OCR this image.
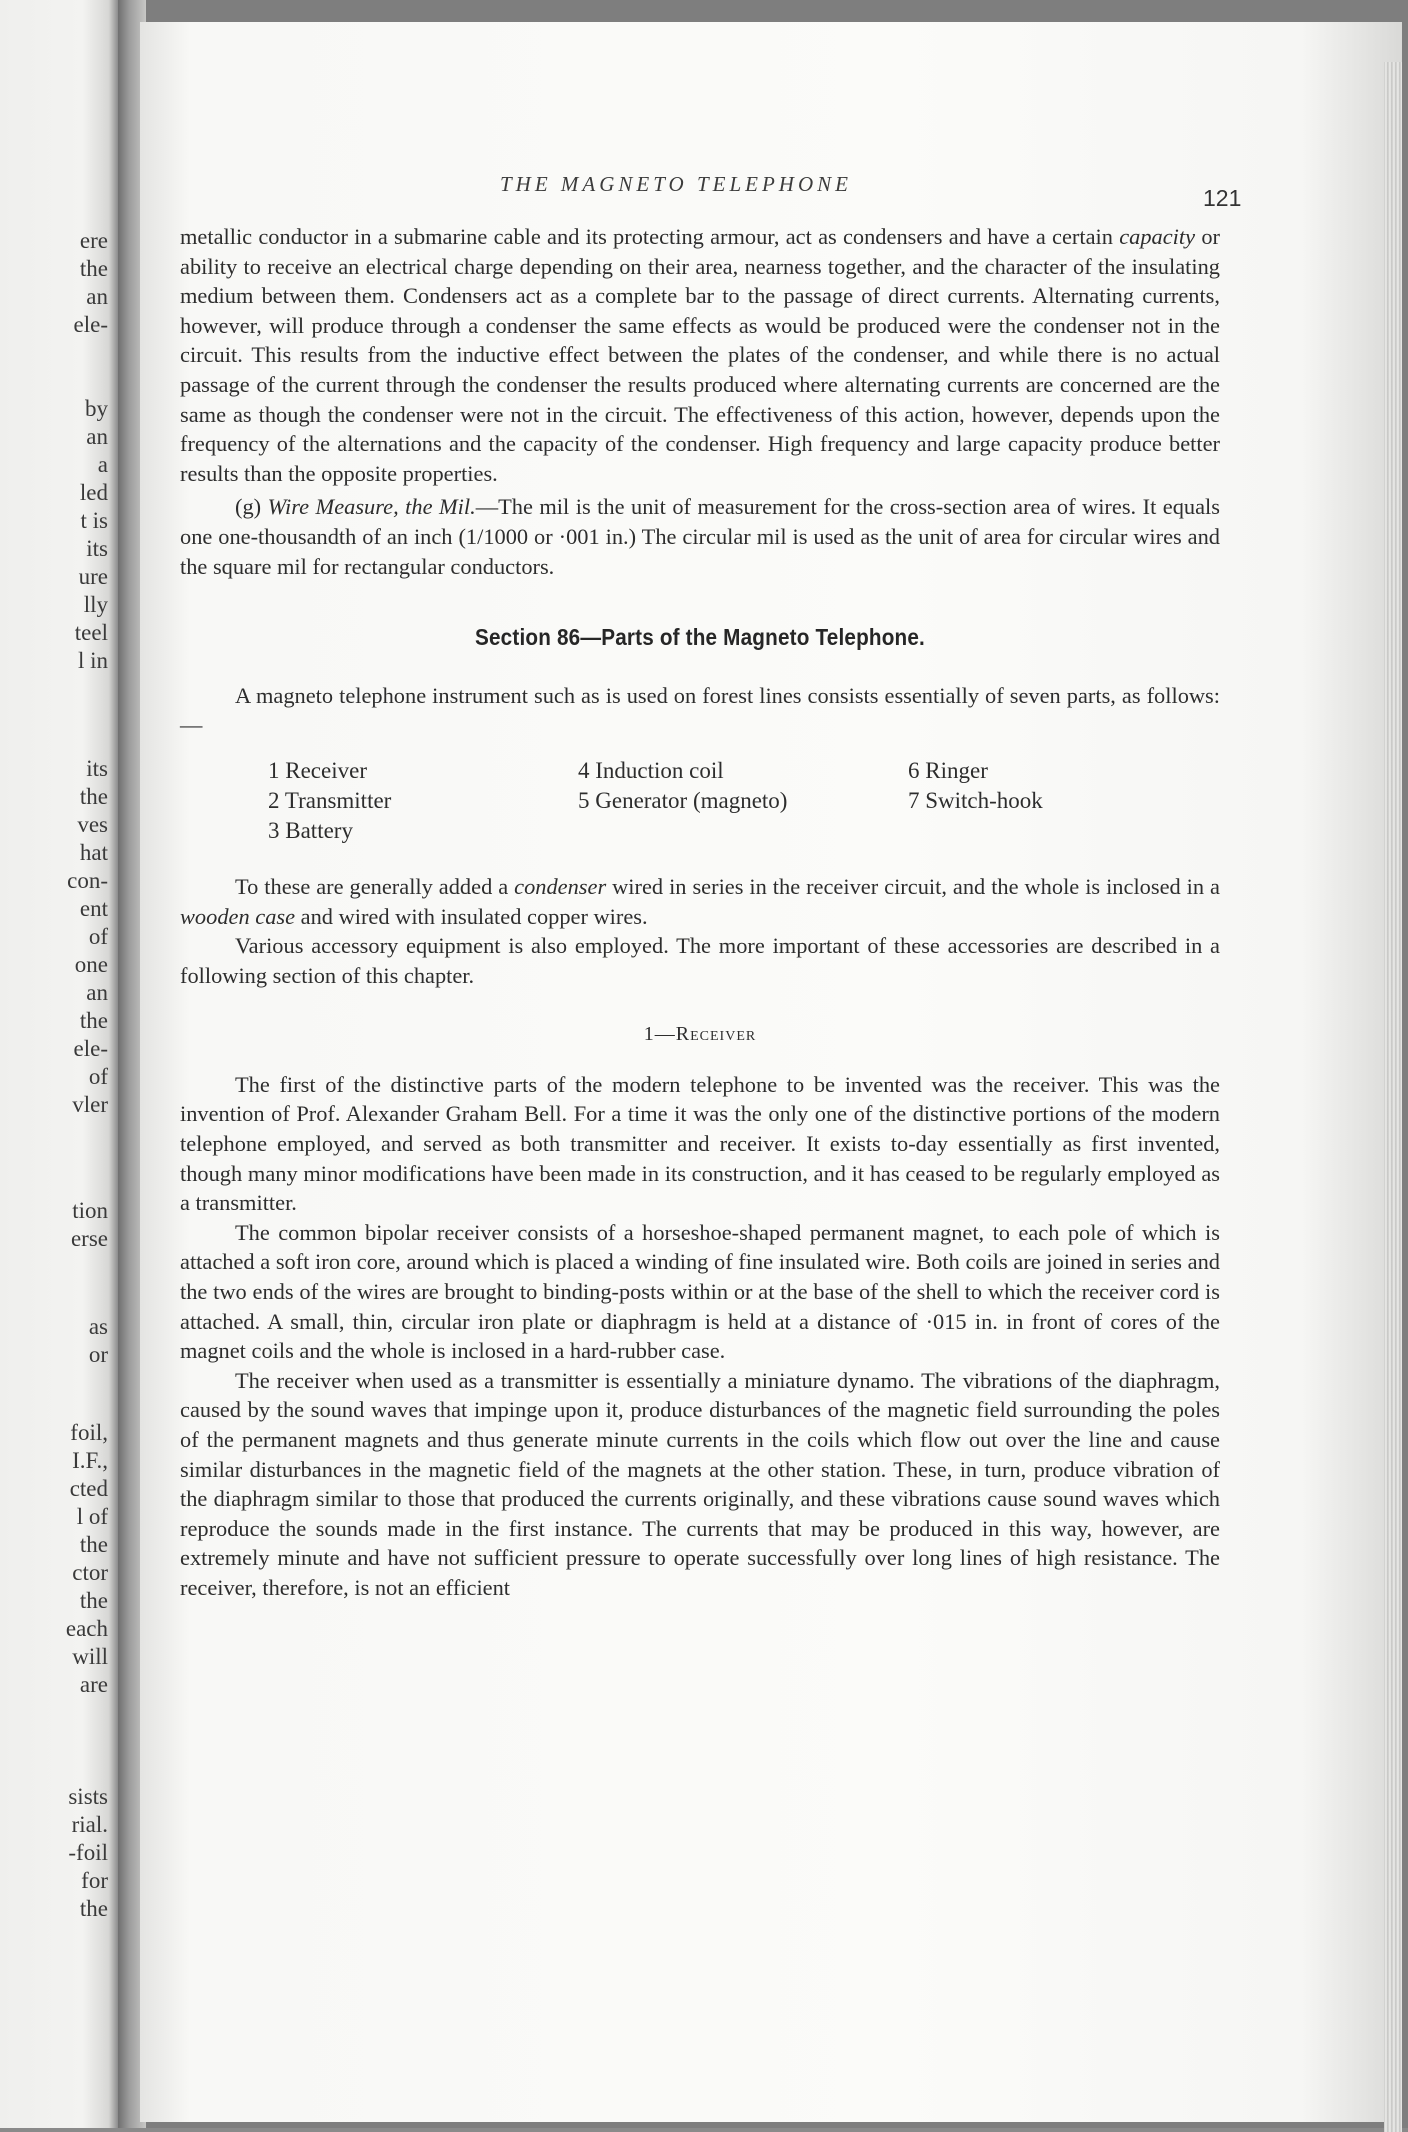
ere
the
an
ele-
by
an
a
led
t is
its
ure
lly
teel
l in
its
the
ves
hat
con-
ent
of
one
an
the
ele-
of
vler
tion
erse
as
or
foil,
I.F.,
cted
l of
the
ctor
the
each
will
are
sists
rial.
-foil
for
the
THE MAGNETO TELEPHONE
121

metallic conductor in a submarine cable and its protecting armour, act as condensers and have a certain capacity or ability to receive an electrical charge depending on their area, nearness together, and the character of the insulating medium between them. Condensers act as a complete bar to the passage of direct currents. Alternating currents, however, will produce through a condenser the same effects as would be produced were the condenser not in the circuit. This results from the inductive effect between the plates of the condenser, and while there is no actual passage of the current through the condenser the results produced where alternating currents are concerned are the same as though the condenser were not in the circuit. The effectiveness of this action, however, depends upon the frequency of the alternations and the capacity of the condenser. High frequency and large capacity produce better results than the opposite properties.

(g) Wire Measure, the Mil.—The mil is the unit of measurement for the cross-section area of wires. It equals one one-thousandth of an inch (1/1000 or ·001 in.) The circular mil is used as the unit of area for circular wires and the square mil for rectangular conductors.

Section 86—Parts of the Magneto Telephone.

A magneto telephone instrument such as is used on forest lines consists essentially of seven parts, as follows:—

1 Receiver	4 Induction coil	6 Ringer
2 Transmitter	5 Generator (magneto)	7 Switch-hook
3 Battery

To these are generally added a condenser wired in series in the receiver circuit, and the whole is inclosed in a wooden case and wired with insulated copper wires.

Various accessory equipment is also employed. The more important of these accessories are described in a following section of this chapter.

1—Receiver

The first of the distinctive parts of the modern telephone to be invented was the receiver. This was the invention of Prof. Alexander Graham Bell. For a time it was the only one of the distinctive portions of the modern telephone employed, and served as both transmitter and receiver. It exists to-day essentially as first invented, though many minor modifications have been made in its construction, and it has ceased to be regularly employed as a transmitter.

The common bipolar receiver consists of a horseshoe-shaped permanent magnet, to each pole of which is attached a soft iron core, around which is placed a winding of fine insulated wire. Both coils are joined in series and the two ends of the wires are brought to binding-posts within or at the base of the shell to which the receiver cord is attached. A small, thin, circular iron plate or diaphragm is held at a distance of ·015 in. in front of cores of the magnet coils and the whole is inclosed in a hard-rubber case.

The receiver when used as a transmitter is essentially a miniature dynamo. The vibrations of the diaphragm, caused by the sound waves that impinge upon it, produce disturbances of the magnetic field surrounding the poles of the permanent magnets and thus generate minute currents in the coils which flow out over the line and cause similar disturbances in the magnetic field of the magnets at the other station. These, in turn, produce vibration of the diaphragm similar to those that produced the currents originally, and these vibrations cause sound waves which reproduce the sounds made in the first instance. The currents that may be produced in this way, however, are extremely minute and have not sufficient pressure to operate successfully over long lines of high resistance. The receiver, therefore, is not an efficient
